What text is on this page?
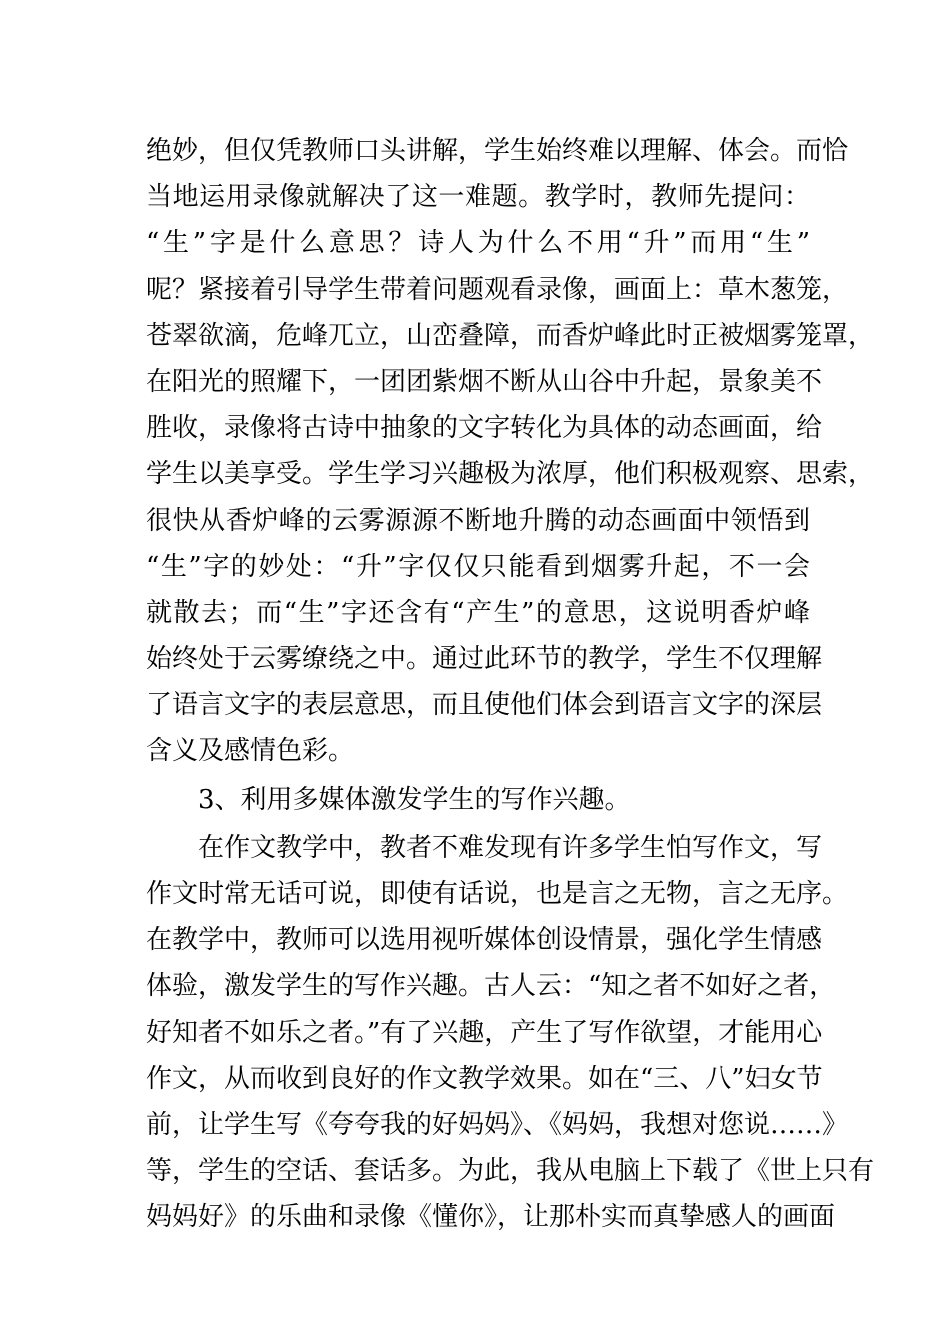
绝妙，但仅凭教师口头讲解，学生始终难以理解、体会。而恰
当地运用录像就解决了这一难题。教学时，教师先提问：
“生”字是什么意思？诗人为什么不用“升”而用“生”
呢？紧接着引导学生带着问题观看录像，画面上：草木葱笼，
苍翠欲滴，危峰兀立，山峦叠障，而香炉峰此时正被烟雾笼罩，
在阳光的照耀下，一团团紫烟不断从山谷中升起，景象美不
胜收，录像将古诗中抽象的文字转化为具体的动态画面，给
学生以美享受。学生学习兴趣极为浓厚，他们积极观察、思索，
很快从香炉峰的云雾源源不断地升腾的动态画面中领悟到
“生”字的妙处：“升”字仅仅只能看到烟雾升起，不一会
就散去；而“生”字还含有“产生”的意思，这说明香炉峰
始终处于云雾缭绕之中。通过此环节的教学，学生不仅理解
了语言文字的表层意思，而且使他们体会到语言文字的深层
含义及感情色彩。
3、利用多媒体激发学生的写作兴趣。
在作文教学中，教者不难发现有许多学生怕写作文，写
作文时常无话可说，即使有话说，也是言之无物，言之无序。
在教学中，教师可以选用视听媒体创设情景，强化学生情感
体验，激发学生的写作兴趣。古人云：“知之者不如好之者，
好知者不如乐之者。”有了兴趣，产生了写作欲望，才能用心
作文，从而收到良好的作文教学效果。如在“三、八”妇女节
前，让学生写《夸夸我的好妈妈》、《妈妈，我想对您说……》
等，学生的空话、套话多。为此，我从电脑上下载了《世上只有
妈妈好》的乐曲和录像《懂你》，让那朴实而真挚感人的画面
